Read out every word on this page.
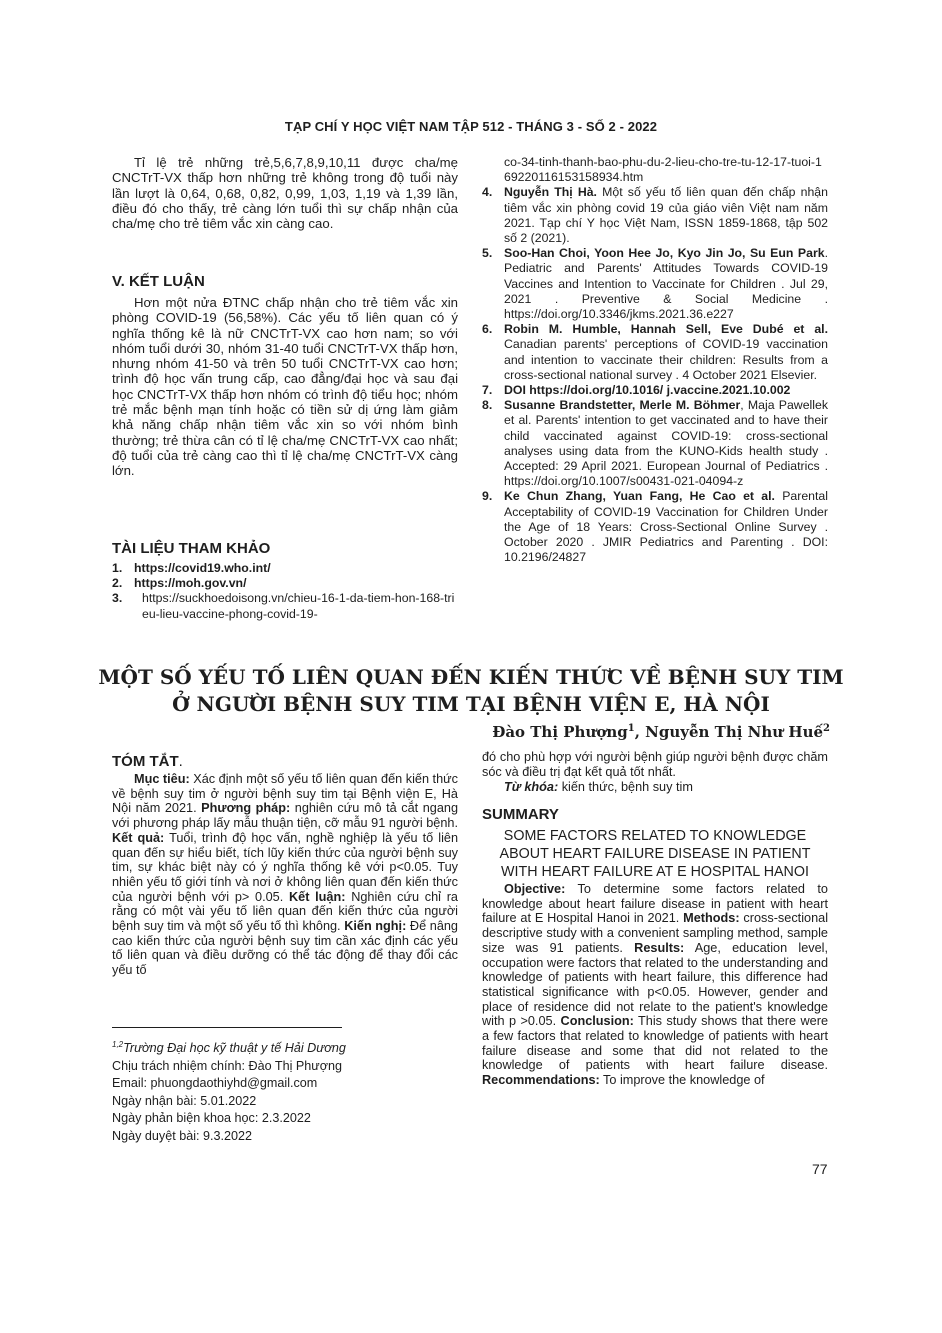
TẠP CHÍ Y HỌC VIỆT NAM TẬP 512 - THÁNG 3 - SỐ 2 - 2022
Tỉ lệ trẻ những trẻ,5,6,7,8,9,10,11 được cha/mẹ CNCTrT-VX thấp hơn những trẻ không trong độ tuổi này lần lượt là 0,64, 0,68, 0,82, 0,99, 1,03, 1,19 và 1,39 lần, điều đó cho thấy, trẻ càng lớn tuổi thì sự chấp nhận của cha/mẹ cho trẻ tiêm vắc xin càng cao.
V. KẾT LUẬN
Hơn một nửa ĐTNC chấp nhận cho trẻ tiêm vắc xin phòng COVID-19 (56,58%). Các yếu tố liên quan có ý nghĩa thống kê là nữ CNCTrT-VX cao hơn nam; so với nhóm tuổi dưới 30, nhóm 31-40 tuổi CNCTrT-VX thấp hơn, nhưng nhóm 41-50 và trên 50 tuổi CNCTrT-VX cao hơn; trình độ học vấn trung cấp, cao đẳng/đại học và sau đại học CNCTrT-VX thấp hơn nhóm có trình độ tiểu học; nhóm trẻ mắc bệnh mạn tính hoặc có tiền sử dị ứng làm giảm khả năng chấp nhận tiêm vắc xin so với nhóm bình thường; trẻ thừa cân có tỉ lệ cha/mẹ CNCTrT-VX cao nhất; độ tuổi của trẻ càng cao thì tỉ lệ cha/mẹ CNCTrT-VX càng lớn.
TÀI LIỆU THAM KHẢO
1. https://covid19.who.int/
2. https://moh.gov.vn/
3.	https://suckhoedoisong.vn/chieu-16-1-da-tiem-hon-168-trieu-lieu-vaccine-phong-covid-19-
co-34-tinh-thanh-bao-phu-du-2-lieu-cho-tre-tu-12-17-tuoi-169220116153158934.htm
4. Nguyễn Thị Hà. Một số yếu tố liên quan đến chấp nhận tiêm vắc xin phòng covid 19 của giáo viên Việt nam năm 2021. Tạp chí Y học Việt Nam, ISSN 1859-1868, tập 502 số 2 (2021).
5. Soo-Han Choi, Yoon Hee Jo, Kyo Jin Jo, Su Eun Park. Pediatric and Parents' Attitudes Towards COVID-19 Vaccines and Intention to Vaccinate for Children . Jul 29, 2021 . Preventive & Social Medicine . https://doi.org/10.3346/jkms.2021.36.e227
6. Robin M. Humble, Hannah Sell, Eve Dubé et al. Canadian parents' perceptions of COVID-19 vaccination and intention to vaccinate their children: Results from a cross-sectional national survey . 4 October 2021 Elsevier.
7. DOI https://doi.org/10.1016/ j.vaccine.2021.10.002
8. Susanne Brandstetter, Merle M. Böhmer, Maja Pawellek et al. Parents' intention to get vaccinated and to have their child vaccinated against COVID-19: cross-sectional analyses using data from the KUNO-Kids health study . Accepted: 29 April 2021. European Journal of Pediatrics . https://doi.org/10.1007/s00431-021-04094-z
9. Ke Chun Zhang, Yuan Fang, He Cao et al. Parental Acceptability of COVID-19 Vaccination for Children Under the Age of 18 Years: Cross-Sectional Online Survey . October 2020 . JMIR Pediatrics and Parenting . DOI: 10.2196/24827
MỘT SỐ YẾU TỐ LIÊN QUAN ĐẾN KIẾN THỨC VỀ BỆNH SUY TIM
Ở NGƯỜI BỆNH SUY TIM TẠI BỆNH VIỆN E, HÀ NỘI
Đào Thị Phượng$^1$, Nguyễn Thị Như Huế$^2$
TÓM TẮT.
Mục tiêu: Xác định một số yếu tố liên quan đến kiến thức về bệnh suy tim ở người bệnh suy tim tại Bệnh viện E, Hà Nội năm 2021. Phương pháp: nghiên cứu mô tả cắt ngang với phương pháp lấy mẫu thuận tiện, cỡ mẫu 91 người bệnh. Kết quả: Tuổi, trình độ học vấn, nghề nghiệp là yếu tố liên quan đến sự hiểu biết, tích lũy kiến thức của người bệnh suy tim, sự khác biệt này có ý nghĩa thống kê với p<0.05. Tuy nhiên yếu tố giới tính và nơi ở không liên quan đến kiến thức của người bệnh với p> 0.05. Kết luận: Nghiên cứu chỉ ra rằng có một vài yếu tố liên quan đến kiến thức của người bệnh suy tim và một số yếu tố thì không. Kiến nghị: Để nâng cao kiến thức của người bệnh suy tim cần xác định các yếu tố liên quan và điều dưỡng có thể tác động để thay đổi các yếu tố
$^{1,2}$Trường Đại học kỹ thuật y tế Hải Dương
Chịu trách nhiệm chính: Đào Thị Phượng
Email: phuongdaothiyhd@gmail.com
Ngày nhận bài: 5.01.2022
Ngày phản biện khoa học: 2.3.2022
Ngày duyệt bài: 9.3.2022
đó cho phù hợp với người bệnh giúp người bệnh được chăm sóc và điều trị đạt kết quả tốt nhất.
Từ khóa: kiến thức, bệnh suy tim
SUMMARY
SOME FACTORS RELATED TO KNOWLEDGE ABOUT HEART FAILURE DISEASE IN PATIENT WITH HEART FAILURE AT E HOSPITAL HANOI
Objective: To determine some factors related to knowledge about heart failure disease in patient with heart failure at E Hospital Hanoi in 2021. Methods: cross-sectional descriptive study with a convenient sampling method, sample size was 91 patients. Results: Age, education level, occupation were factors that related to the understanding and knowledge of patients with heart failure, this difference had statistical significance with p<0.05. However, gender and place of residence did not relate to the patient's knowledge with p >0.05. Conclusion: This study shows that there were a few factors that related to knowledge of patients with heart failure disease and some that did not related to the knowledge of patients with heart failure disease. Recommendations: To improve the knowledge of
77
